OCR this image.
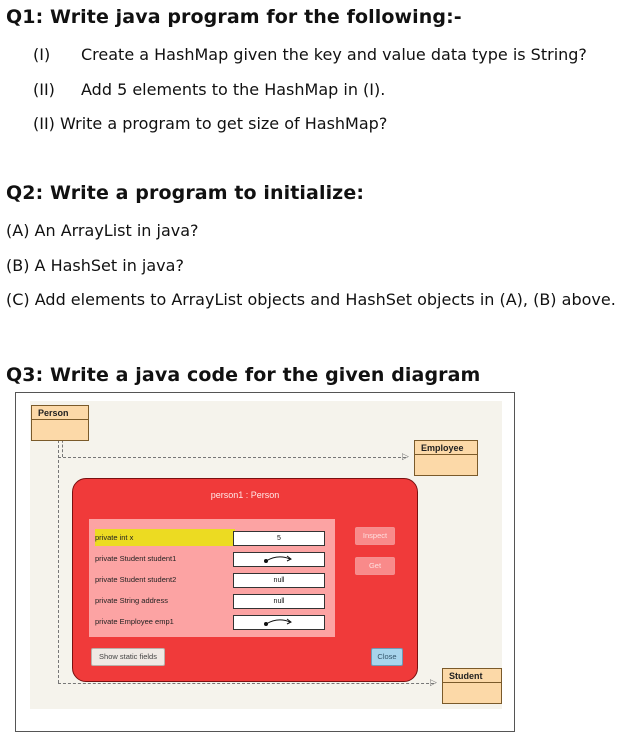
Q1: Write java program for the following:-
(I) Create a HashMap given the key and value data type is String?
(II) Add 5 elements to the HashMap in (I).
(II) Write a program to get size of HashMap?
Q2: Write a program to initialize:
(A) An ArrayList in java?
(B) A HashSet in java?
(C) Add elements to ArrayList objects and HashSet objects in (A), (B) above.
Q3: Write a java code for the given diagram
▷
▷
Person
Employee
Student
person1 : Person
private int x	5
private Student student1
private Student student2	null
private String address	null
private Employee emp1
Inspect
Get
Show static fields	Close
